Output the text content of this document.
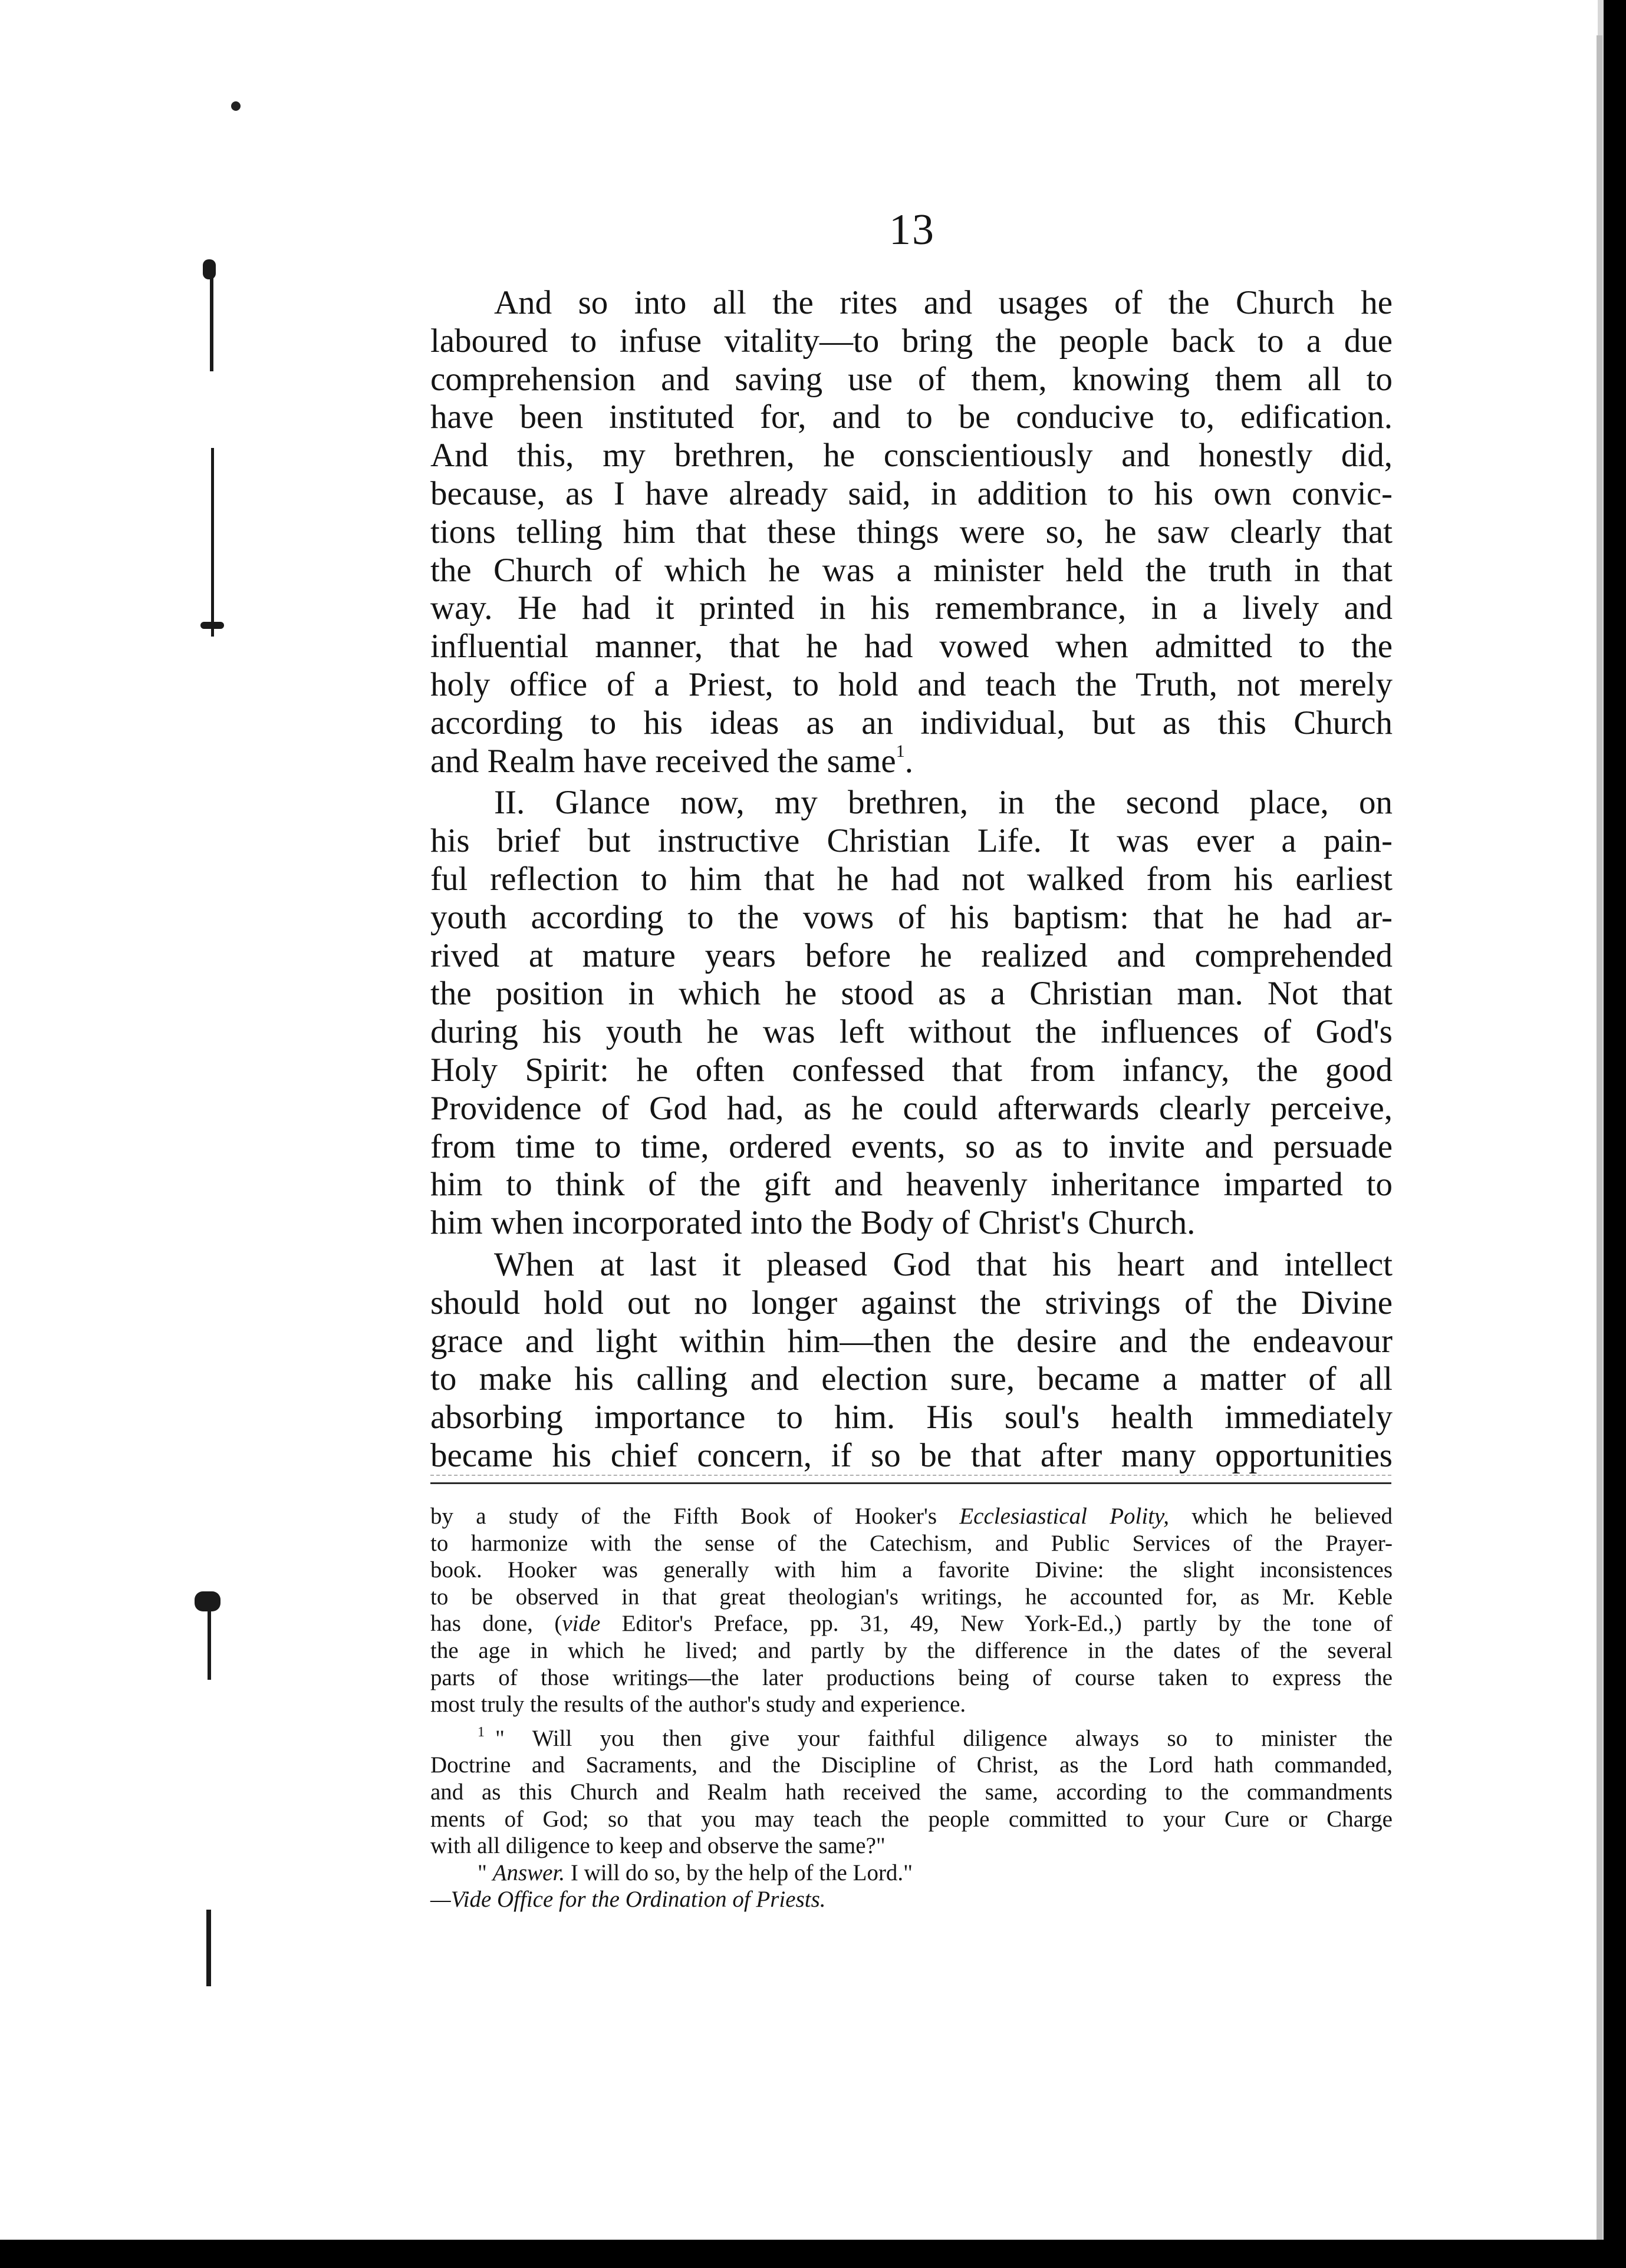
13
And so into all the rites and usages of the Church he
laboured to infuse vitality—to bring the people back to a due
comprehension and saving use of them, knowing them all to
have been instituted for, and to be conducive to, edification.
And this, my brethren, he conscientiously and honestly did,
because, as I have already said, in addition to his own convic-
tions telling him that these things were so, he saw clearly that
the Church of which he was a minister held the truth in that
way. He had it printed in his remembrance, in a lively and
influential manner, that he had vowed when admitted to the
holy office of a Priest, to hold and teach the Truth, not merely
according to his ideas as an individual, but as this Church
and Realm have received the same$^1$.
II. Glance now, my brethren, in the second place, on
his brief but instructive Christian Life. It was ever a pain-
ful reflection to him that he had not walked from his earliest
youth according to the vows of his baptism: that he had ar-
rived at mature years before he realized and comprehended
the position in which he stood as a Christian man. Not that
during his youth he was left without the influences of God's
Holy Spirit: he often confessed that from infancy, the good
Providence of God had, as he could afterwards clearly perceive,
from time to time, ordered events, so as to invite and persuade
him to think of the gift and heavenly inheritance imparted to
him when incorporated into the Body of Christ's Church.
When at last it pleased God that his heart and intellect
should hold out no longer against the strivings of the Divine
grace and light within him—then the desire and the endeavour
to make his calling and election sure, became a matter of all
absorbing importance to him. His soul's health immediately
became his chief concern, if so be that after many opportunities
by a study of the Fifth Book of Hooker's Ecclesiastical Polity, which he believed
to harmonize with the sense of the Catechism, and Public Services of the Prayer-
book. Hooker was generally with him a favorite Divine: the slight inconsistences
to be observed in that great theologian's writings, he accounted for, as Mr. Keble
has done, (vide Editor's Preface, pp. 31, 49, New York-Ed.,) partly by the tone of
the age in which he lived; and partly by the difference in the dates of the several
parts of those writings—the later productions being of course taken to express the
most truly the results of the author's study and experience.
$^1$ " Will you then give your faithful diligence always so to minister the
Doctrine and Sacraments, and the Discipline of Christ, as the Lord hath commanded,
and as this Church and Realm hath received the same, according to the commandments
ments of God; so that you may teach the people committed to your Cure or Charge
with all diligence to keep and observe the same?"
" Answer. I will do so, by the help of the Lord."
—Vide Office for the Ordination of Priests.
